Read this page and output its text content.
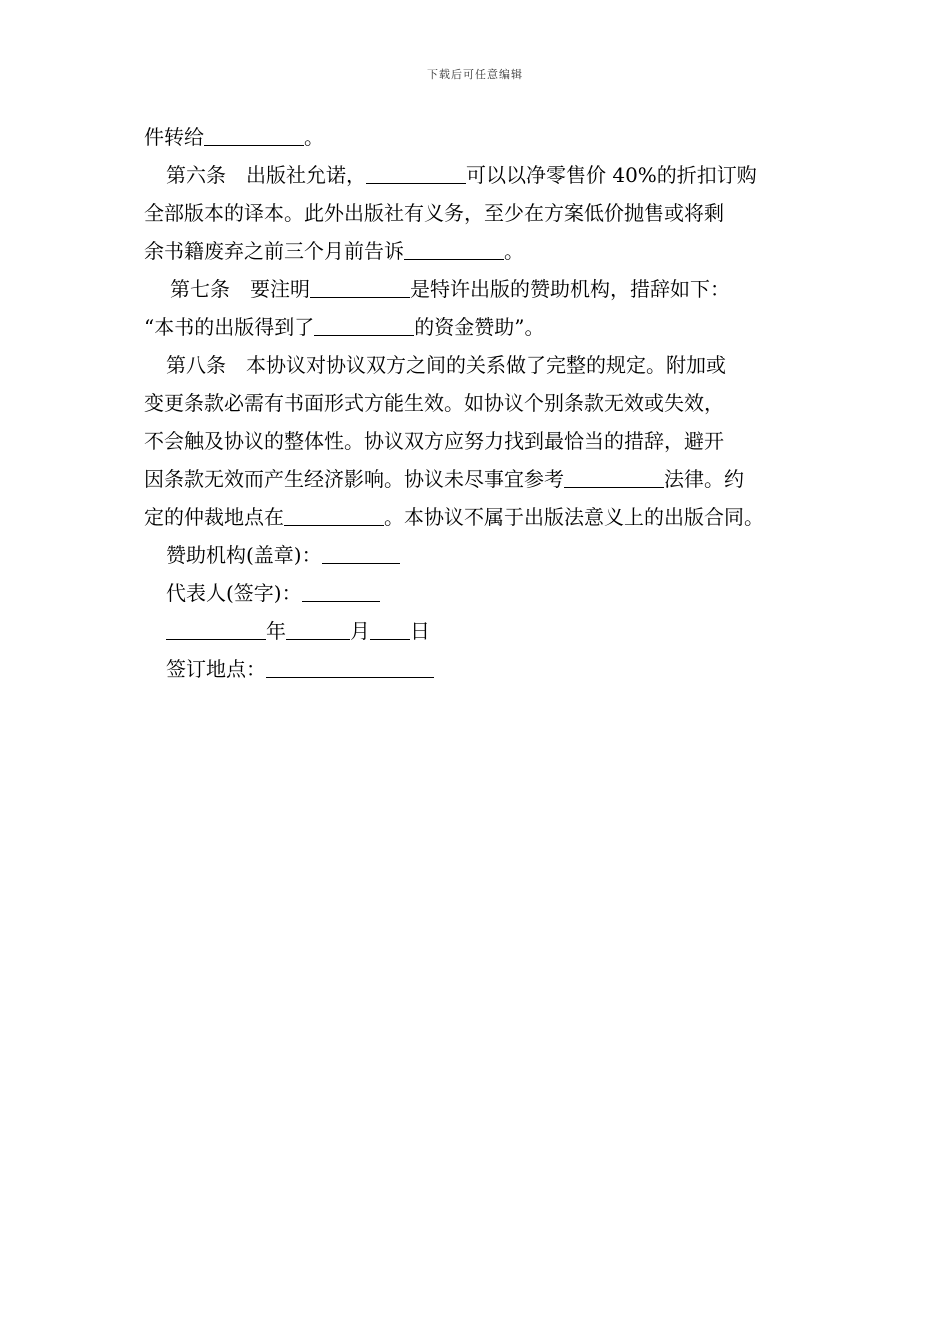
下载后可任意编辑

件转给	。

第六条　出版社允诺，	可以以净零售价 40%的折扣订购

全部版本的译本。此外出版社有义务，至少在方案低价抛售或将剩

余书籍废弃之前三个月前告诉	。

第七条　要注明	是特许出版的赞助机构，措辞如下：

“本书的出版得到了	的资金赞助”。

第八条　本协议对协议双方之间的关系做了完整的规定。附加或

变更条款必需有书面形式方能生效。如协议个别条款无效或失效，

不会触及协议的整体性。协议双方应努力找到最恰当的措辞，避开

因条款无效而产生经济影响。协议未尽事宜参考	法律。约

定的仲裁地点在	。本协议不属于出版法意义上的出版合同。

赞助机构(盖章)：

代表人(签字)：

年	月 日

签订地点：
